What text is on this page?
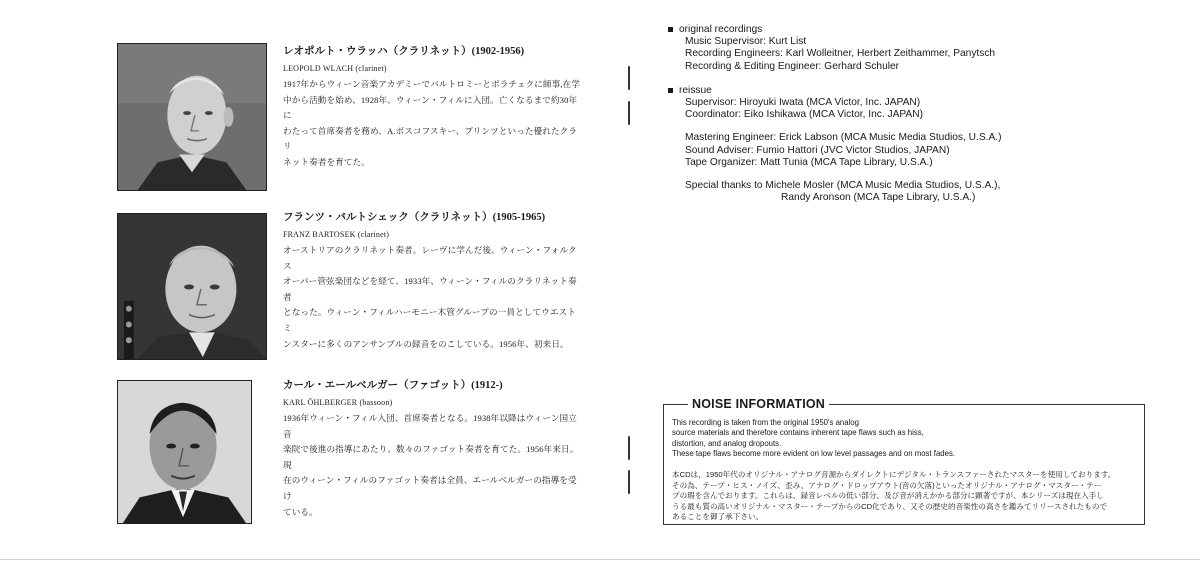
レオポルト・ウラッハ（クラリネット）(1902-1956)
LEOPOLD WLACH (clarinet)
1917年からウィーン音楽アカデミーでバルトロミーとポラチェクに師事,在学
中から活動を始め、1928年、ウィーン・フィルに入団。亡くなるまで約30年に
わたって首席奏者を務め、A.ボスコフスキー、プリンツといった優れたクラリ
ネット奏者を育てた。
フランツ・バルトシェック（クラリネット）(1905-1965)
FRANZ BARTOSEK (clarinet)
オーストリアのクラリネット奏者。レーヴに学んだ後、ウィーン・フォルクス
オーパー管弦楽団などを経て、1933年、ウィーン・フィルのクラリネット奏者
となった。ウィーン・フィルハーモニー木管グループの一員としてウエストミ
ンスターに多くのアンサンブルの録音をのこしている。1956年、初来日。
カール・エールベルガー（ファゴット）(1912-)
KARL ÖHLBERGER (bassoon)
1936年ウィーン・フィル入団、首席奏者となる。1938年以降はウィーン国立音
楽院で後進の指導にあたり、数々のファゴット奏者を育てた。1956年来日。現
在のウィーン・フィルのファゴット奏者は全員、エールベルガーの指導を受け
ている。
original recordings
Music Supervisor: Kurt List
Recording Engineers: Karl Wolleitner, Herbert Zeithammer, Panytsch
Recording & Editing Engineer: Gerhard Schuler
reissue
Supervisor: Hiroyuki Iwata (MCA Victor, Inc. JAPAN)
Coordinator: Eiko Ishikawa (MCA Victor, Inc. JAPAN)
Mastering Engineer: Erick Labson (MCA Music Media Studios, U.S.A.)
Sound Adviser: Fumio Hattori (JVC Victor Studios, JAPAN)
Tape Organizer: Matt Tunia (MCA Tape Library, U.S.A.)
Special thanks to Michele Mosler (MCA Music Media Studios, U.S.A.),
Randy Aronson (MCA Tape Library, U.S.A.)
NOISE INFORMATION
This recording is taken from the original 1950's analog
source materials and therefore contains inherent tape flaws such as hiss,
distortion, and analog dropouts.
These tape flaws become more evident on low level passages and on most fades.
本CDは，1950年代のオリジナル・アナログ音源からダイレクトにデジタル・トランスファーされたマスターを使用しております。
その為、テープ・ヒス・ノイズ、歪み、アナログ・ドロップアウト(音の欠落)といったオリジナル・アナログ・マスター・テー
プの瑕を含んでおります。これらは、録音レベルの低い部分、及び音が消えかかる部分に顕著ですが、本シリーズは現在入手し
うる最も質の高いオリジナル・マスター・テープからのCD化であり、又その歴史的音楽性の高さを鑑みてリリースされたもので
あることを御了承下さい。
